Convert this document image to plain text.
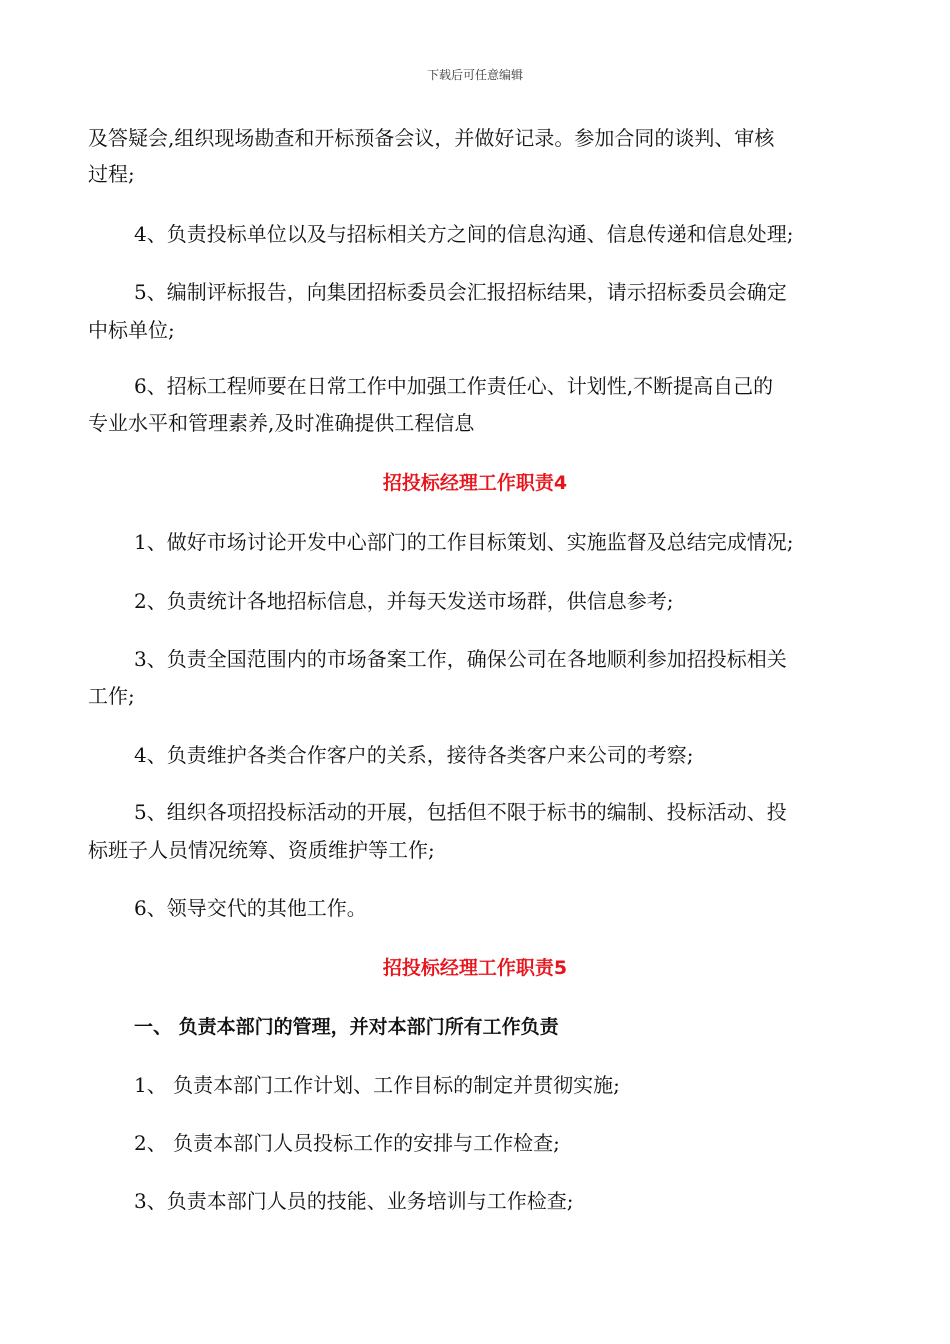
下载后可任意编辑
及答疑会,组织现场勘查和开标预备会议，并做好记录。参加合同的谈判、审核
过程;
4、负责投标单位以及与招标相关方之间的信息沟通、信息传递和信息处理;
5、编制评标报告，向集团招标委员会汇报招标结果，请示招标委员会确定
中标单位;
6、招标工程师要在日常工作中加强工作责任心、计划性,不断提高自己的
专业水平和管理素养,及时准确提供工程信息
招投标经理工作职责4
1、做好市场讨论开发中心部门的工作目标策划、实施监督及总结完成情况;
2、负责统计各地招标信息，并每天发送市场群，供信息参考;
3、负责全国范围内的市场备案工作，确保公司在各地顺利参加招投标相关
工作;
4、负责维护各类合作客户的关系，接待各类客户来公司的考察;
5、组织各项招投标活动的开展，包括但不限于标书的编制、投标活动、投
标班子人员情况统筹、资质维护等工作;
6、领导交代的其他工作。
招投标经理工作职责5
一、 负责本部门的管理，并对本部门所有工作负责
1、 负责本部门工作计划、工作目标的制定并贯彻实施;
2、 负责本部门人员投标工作的安排与工作检查;
3、负责本部门人员的技能、业务培训与工作检查;
